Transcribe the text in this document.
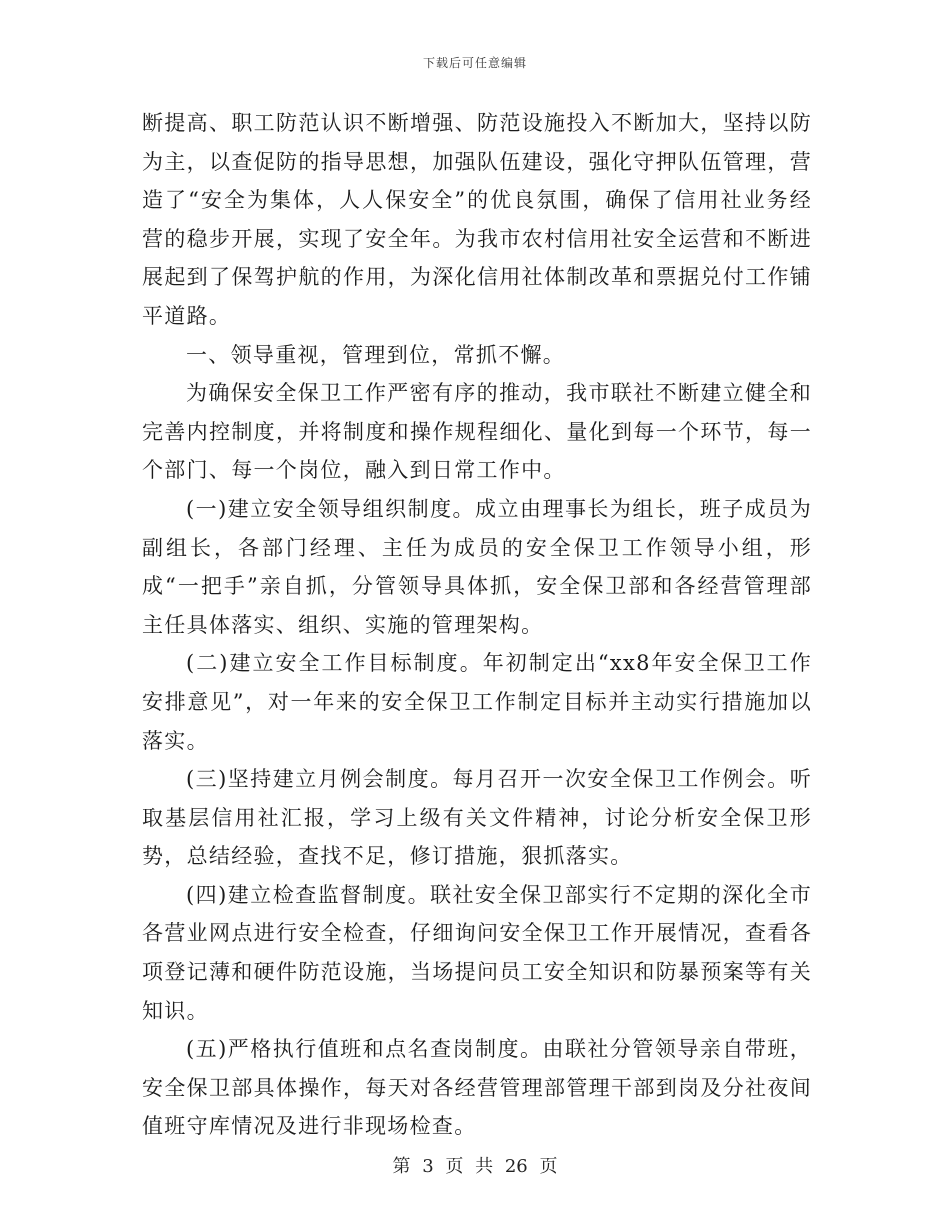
下载后可任意编辑

断提高、职工防范认识不断增强、防范设施投入不断加大，坚持以防为主，以查促防的指导思想，加强队伍建设，强化守押队伍管理，营造了“安全为集体，人人保安全”的优良氛围，确保了信用社业务经营的稳步开展，实现了安全年。为我市农村信用社安全运营和不断进展起到了保驾护航的作用，为深化信用社体制改革和票据兑付工作铺平道路。

一、领导重视，管理到位，常抓不懈。

为确保安全保卫工作严密有序的推动，我市联社不断建立健全和完善内控制度，并将制度和操作规程细化、量化到每一个环节，每一个部门、每一个岗位，融入到日常工作中。

(一)建立安全领导组织制度。成立由理事长为组长，班子成员为副组长，各部门经理、主任为成员的安全保卫工作领导小组，形成“一把手”亲自抓，分管领导具体抓，安全保卫部和各经营管理部主任具体落实、组织、实施的管理架构。

(二)建立安全工作目标制度。年初制定出“xx8年安全保卫工作安排意见”，对一年来的安全保卫工作制定目标并主动实行措施加以落实。

(三)坚持建立月例会制度。每月召开一次安全保卫工作例会。听取基层信用社汇报，学习上级有关文件精神，讨论分析安全保卫形势，总结经验，查找不足，修订措施，狠抓落实。

(四)建立检查监督制度。联社安全保卫部实行不定期的深化全市各营业网点进行安全检查，仔细询问安全保卫工作开展情况，查看各项登记薄和硬件防范设施，当场提问员工安全知识和防暴预案等有关知识。

(五)严格执行值班和点名查岗制度。由联社分管领导亲自带班，安全保卫部具体操作，每天对各经营管理部管理干部到岗及分社夜间值班守库情况及进行非现场检查。

第 3 页 共 26 页
